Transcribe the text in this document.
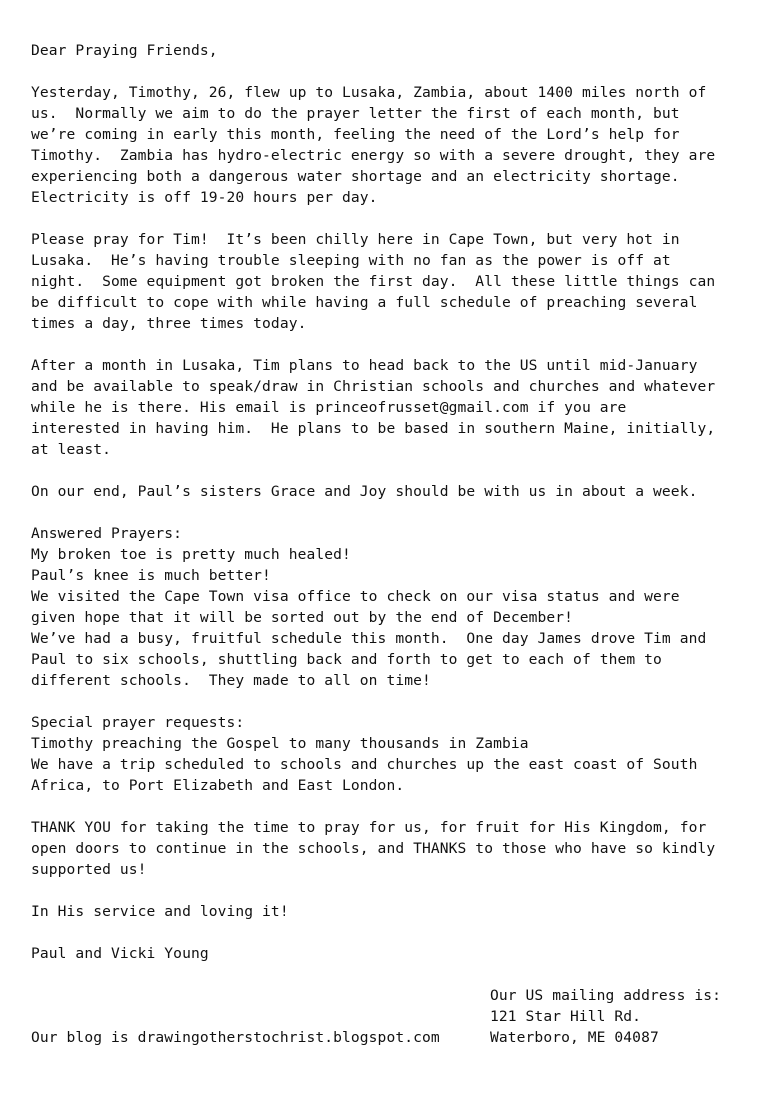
Dear Praying Friends,
Yesterday, Timothy, 26, flew up to Lusaka, Zambia, about 1400 miles north of
us.  Normally we aim to do the prayer letter the first of each month, but
we’re coming in early this month, feeling the need of the Lord’s help for
Timothy.  Zambia has hydro-electric energy so with a severe drought, they are
experiencing both a dangerous water shortage and an electricity shortage.
Electricity is off 19-20 hours per day.
Please pray for Tim!  It’s been chilly here in Cape Town, but very hot in
Lusaka.  He’s having trouble sleeping with no fan as the power is off at
night.  Some equipment got broken the first day.  All these little things can
be difficult to cope with while having a full schedule of preaching several
times a day, three times today.
After a month in Lusaka, Tim plans to head back to the US until mid-January
and be available to speak/draw in Christian schools and churches and whatever
while he is there. His email is princeofrusset@gmail.com if you are
interested in having him.  He plans to be based in southern Maine, initially,
at least.
On our end, Paul’s sisters Grace and Joy should be with us in about a week.
Answered Prayers:
My broken toe is pretty much healed!
Paul’s knee is much better!
We visited the Cape Town visa office to check on our visa status and were
given hope that it will be sorted out by the end of December!
We’ve had a busy, fruitful schedule this month.  One day James drove Tim and
Paul to six schools, shuttling back and forth to get to each of them to
different schools.  They made to all on time!
Special prayer requests:
Timothy preaching the Gospel to many thousands in Zambia
We have a trip scheduled to schools and churches up the east coast of South
Africa, to Port Elizabeth and East London.
THANK YOU for taking the time to pray for us, for fruit for His Kingdom, for
open doors to continue in the schools, and THANKS to those who have so kindly
supported us!
In His service and loving it!
Paul and Vicki Young
Our blog is drawingotherstochrist.blogspot.com
Our US mailing address is:
121 Star Hill Rd.
Waterboro, ME 04087
